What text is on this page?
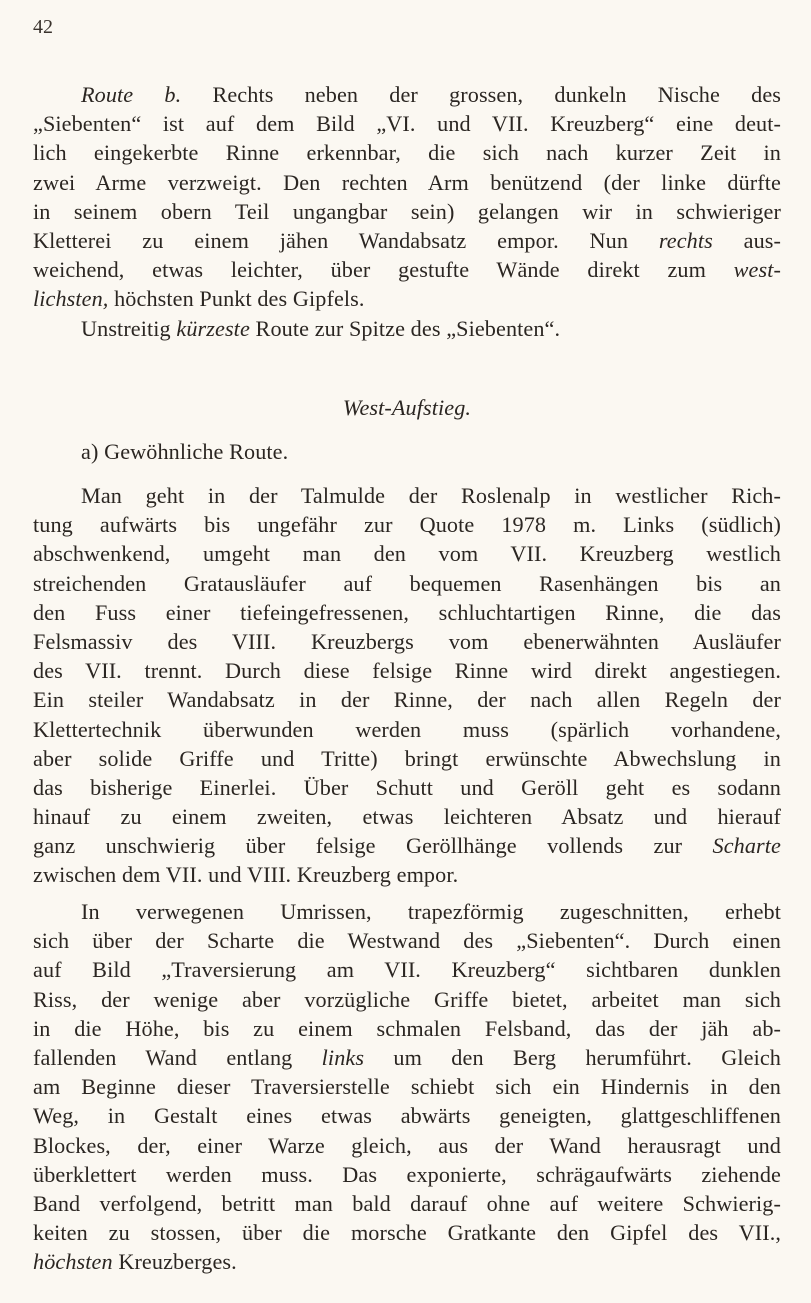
42
Route b. Rechts neben der grossen, dunkeln Nische des
„Siebenten“ ist auf dem Bild „VI. und VII. Kreuzberg“ eine deut-
lich eingekerbte Rinne erkennbar, die sich nach kurzer Zeit in
zwei Arme verzweigt. Den rechten Arm benützend (der linke dürfte
in seinem obern Teil ungangbar sein) gelangen wir in schwieriger
Kletterei zu einem jähen Wandabsatz empor. Nun rechts aus-
weichend, etwas leichter, über gestufte Wände direkt zum west-
lichsten, höchsten Punkt des Gipfels.
Unstreitig kürzeste Route zur Spitze des „Siebenten“.
West-Aufstieg.
a) Gewöhnliche Route.
Man geht in der Talmulde der Roslenalp in westlicher Rich-
tung aufwärts bis ungefähr zur Quote 1978 m. Links (südlich)
abschwenkend, umgeht man den vom VII. Kreuzberg westlich
streichenden Gratausläufer auf bequemen Rasenhängen bis an
den Fuss einer tiefeingefressenen, schluchtartigen Rinne, die das
Felsmassiv des VIII. Kreuzbergs vom ebenerwähnten Ausläufer
des VII. trennt. Durch diese felsige Rinne wird direkt angestiegen.
Ein steiler Wandabsatz in der Rinne, der nach allen Regeln der
Klettertechnik überwunden werden muss (spärlich vorhandene,
aber solide Griffe und Tritte) bringt erwünschte Abwechslung in
das bisherige Einerlei. Über Schutt und Geröll geht es sodann
hinauf zu einem zweiten, etwas leichteren Absatz und hierauf
ganz unschwierig über felsige Geröllhänge vollends zur Scharte
zwischen dem VII. und VIII. Kreuzberg empor.
In verwegenen Umrissen, trapezförmig zugeschnitten, erhebt
sich über der Scharte die Westwand des „Siebenten“. Durch einen
auf Bild „Traversierung am VII. Kreuzberg“ sichtbaren dunklen
Riss, der wenige aber vorzügliche Griffe bietet, arbeitet man sich
in die Höhe, bis zu einem schmalen Felsband, das der jäh ab-
fallenden Wand entlang links um den Berg herumführt. Gleich
am Beginne dieser Traversierstelle schiebt sich ein Hindernis in den
Weg, in Gestalt eines etwas abwärts geneigten, glattgeschliffenen
Blockes, der, einer Warze gleich, aus der Wand herausragt und
überklettert werden muss. Das exponierte, schrägaufwärts ziehende
Band verfolgend, betritt man bald darauf ohne auf weitere Schwierig-
keiten zu stossen, über die morsche Gratkante den Gipfel des VII.,
höchsten Kreuzberges.
